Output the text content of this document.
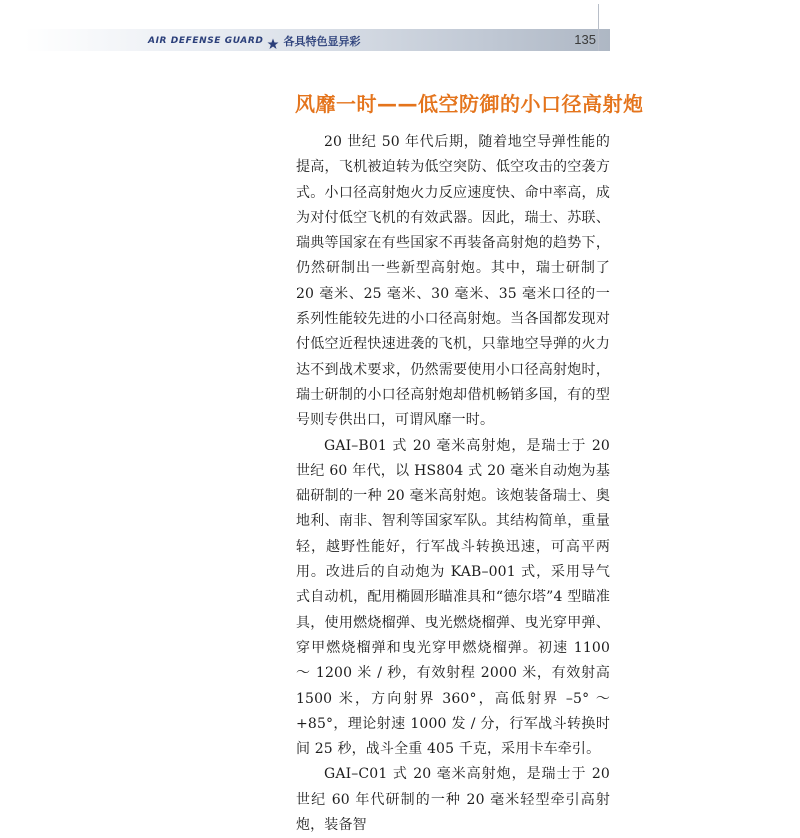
AIR DEFENSE GUARD 各具特色显异彩	135
风靡一时——低空防御的小口径高射炮

20 世纪 50 年代后期，随着地空导弹性能的提高，飞机被迫转为低空突防、低空攻击的空袭方式。小口径高射炮火力反应速度快、命中率高，成为对付低空飞机的有效武器。因此，瑞士、苏联、瑞典等国家在有些国家不再装备高射炮的趋势下，仍然研制出一些新型高射炮。其中，瑞士研制了 20 毫米、25 毫米、30 毫米、35 毫米口径的一系列性能较先进的小口径高射炮。当各国都发现对付低空近程快速进袭的飞机，只靠地空导弹的火力达不到战术要求，仍然需要使用小口径高射炮时，瑞士研制的小口径高射炮却借机畅销多国，有的型号则专供出口，可谓风靡一时。

GAI–B01 式 20 毫米高射炮，是瑞士于 20 世纪 60 年代，以 HS804 式 20 毫米自动炮为基础研制的一种 20 毫米高射炮。该炮装备瑞士、奥地利、南非、智利等国家军队。其结构简单，重量轻，越野性能好，行军战斗转换迅速，可高平两用。改进后的自动炮为 KAB–001 式，采用导气式自动机，配用椭圆形瞄准具和“德尔塔”4 型瞄准具，使用燃烧榴弹、曳光燃烧榴弹、曳光穿甲弹、穿甲燃烧榴弹和曳光穿甲燃烧榴弹。初速 1100 ～ 1200 米 / 秒，有效射程 2000 米，有效射高 1500 米，方向射界 360°，高低射界 –5° ～ +85°，理论射速 1000 发 / 分，行军战斗转换时间 25 秒，战斗全重 405 千克，采用卡车牵引。

GAI–C01 式 20 毫米高射炮，是瑞士于 20 世纪 60 年代研制的一种 20 毫米轻型牵引高射炮，装备智
